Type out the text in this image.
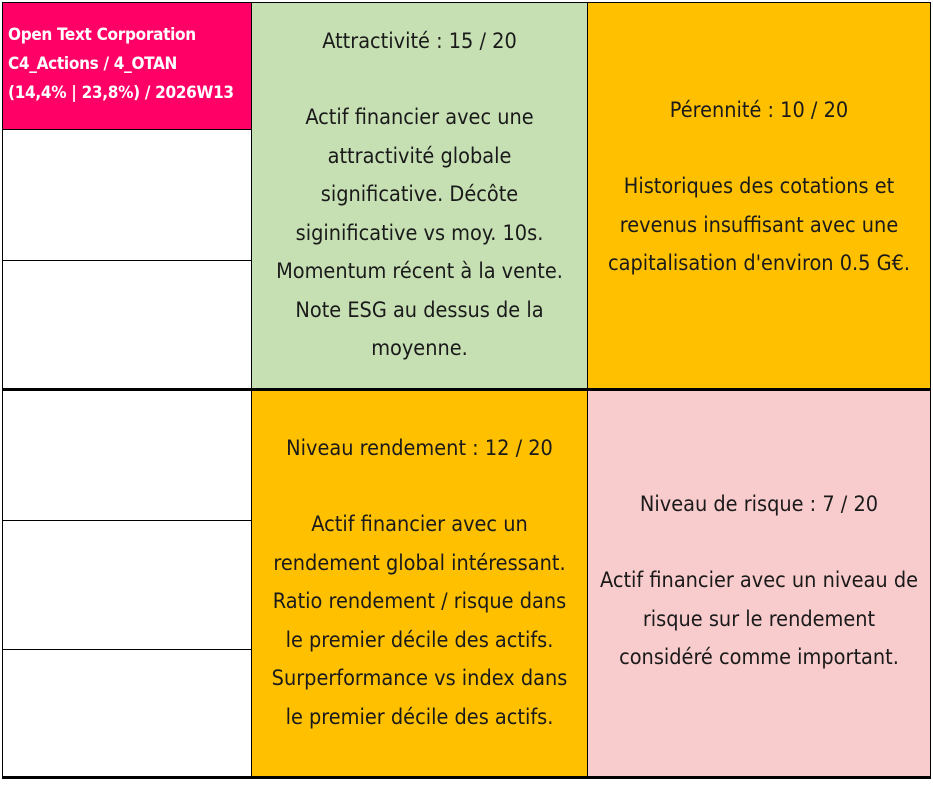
Open Text Corporation
C4_Actions / 4_OTAN
(14,4% | 23,8%) / 2026W13
Attractivité : 15 / 20
Actif financier avec une
attractivité globale
significative. Décôte
siginificative vs moy. 10s.
Momentum récent à la vente.
Note ESG au dessus de la
moyenne.
Pérennité : 10 / 20
Historiques des cotations et
revenus insuffisant avec une
capitalisation d'environ 0.5 G€.
Niveau rendement : 12 / 20
Actif financier avec un
rendement global intéressant.
Ratio rendement / risque dans
le premier décile des actifs.
Surperformance vs index dans
le premier décile des actifs.
Niveau de risque : 7 / 20
Actif financier avec un niveau de
risque sur le rendement
considéré comme important.
